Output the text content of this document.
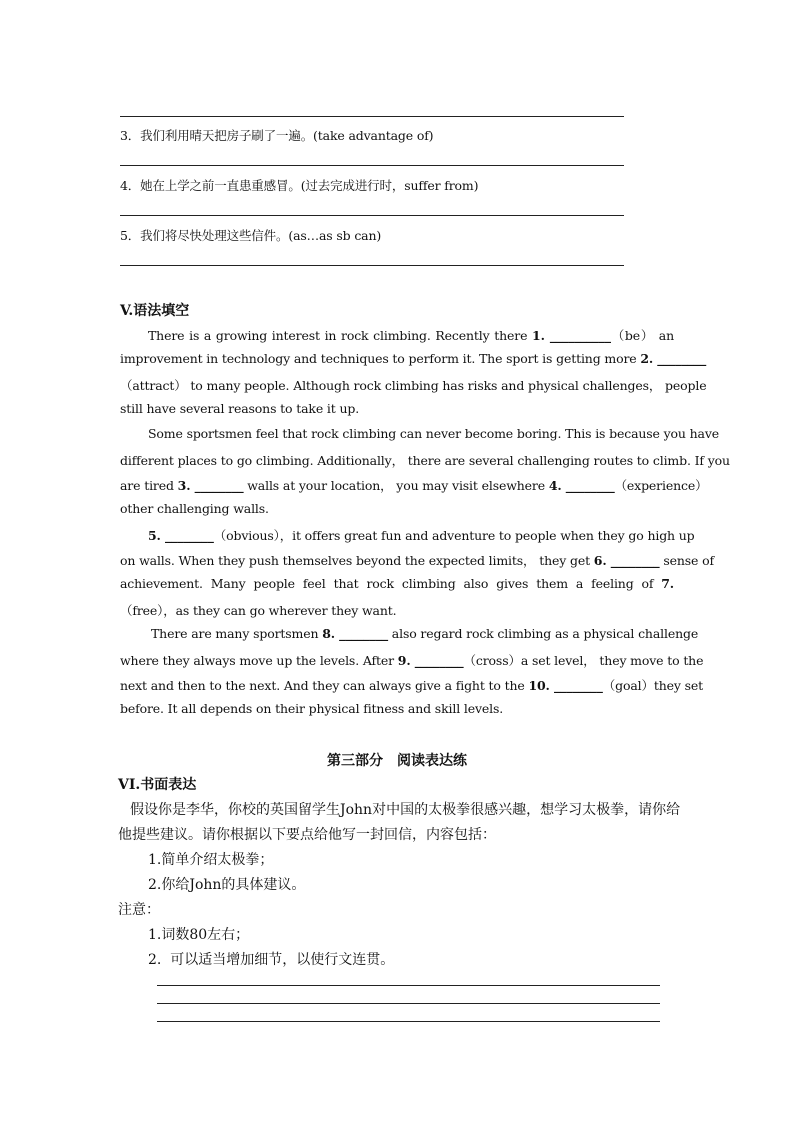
3．我们利用晴天把房子刷了一遍。(take advantage of)
4．她在上学之前一直患重感冒。(过去完成进行时，suffer from)
5．我们将尽快处理这些信件。(as…as sb can)
V.语法填空
There is a growing interest in rock climbing. Recently there 1. __________（be） an
improvement in technology and techniques to perform it. The sport is getting more 2. ________
（attract） to many people. Although rock climbing has risks and physical challenges， people
still have several reasons to take it up.
Some sportsmen feel that rock climbing can never become boring. This is because you have
different places to go climbing. Additionally， there are several challenging routes to climb. If you
are tired 3. ________ walls at your location， you may visit elsewhere 4. ________（experience）
other challenging walls.
5. ________（obvious），it offers great fun and adventure to people when they go high up
on walls. When they push themselves beyond the expected limits， they get 6. ________ sense of
achievement. Many people feel that rock climbing also gives them a feeling of 7.
（free），as they can go wherever they want.
There are many sportsmen 8. ________ also regard rock climbing as a physical challenge
where they always move up the levels. After 9. ________（cross）a set level， they move to the
next and then to the next. And they can always give a fight to the 10. ________（goal）they set
before. It all depends on their physical fitness and skill levels.
第三部分　阅读表达练
VI.书面表达
假设你是李华，你校的英国留学生John对中国的太极拳很感兴趣，想学习太极拳，请你给
他提些建议。请你根据以下要点给他写一封回信，内容包括：
1.简单介绍太极拳；
2.你给John的具体建议。
注意：
1.词数80左右；
2.  可以适当增加细节，以使行文连贯。
